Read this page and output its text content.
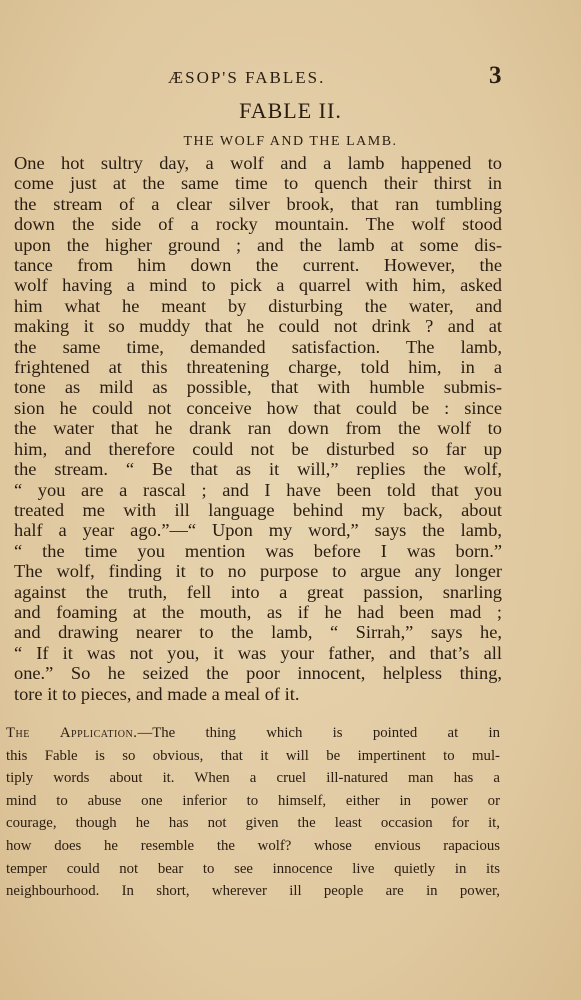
ÆSOP'S FABLES.	3
FABLE II.
THE WOLF AND THE LAMB.
One hot sultry day, a wolf and a lamb happened to
come just at the same time to quench their thirst in
the stream of a clear silver brook, that ran tumbling
down the side of a rocky mountain. The wolf stood
upon the higher ground ; and the lamb at some dis-
tance from him down the current. However, the
wolf having a mind to pick a quarrel with him, asked
him what he meant by disturbing the water, and
making it so muddy that he could not drink ? and at
the same time, demanded satisfaction. The lamb,
frightened at this threatening charge, told him, in a
tone as mild as possible, that with humble submis-
sion he could not conceive how that could be : since
the water that he drank ran down from the wolf to
him, and therefore could not be disturbed so far up
the stream. “ Be that as it will,” replies the wolf,
“ you are a rascal ; and I have been told that you
treated me with ill language behind my back, about
half a year ago.”—“ Upon my word,” says the lamb,
“ the time you mention was before I was born.”
The wolf, finding it to no purpose to argue any longer
against the truth, fell into a great passion, snarling
and foaming at the mouth, as if he had been mad ;
and drawing nearer to the lamb, “ Sirrah,” says he,
“ If it was not you, it was your father, and that’s all
one.” So he seized the poor innocent, helpless thing,
tore it to pieces, and made a meal of it.
The Application.—The thing which is pointed at in
this Fable is so obvious, that it will be impertinent to mul-
tiply words about it. When a cruel ill-natured man has a
mind to abuse one inferior to himself, either in power or
courage, though he has not given the least occasion for it,
how does he resemble the wolf? whose envious rapacious
temper could not bear to see innocence live quietly in its
neighbourhood. In short, wherever ill people are in power,
